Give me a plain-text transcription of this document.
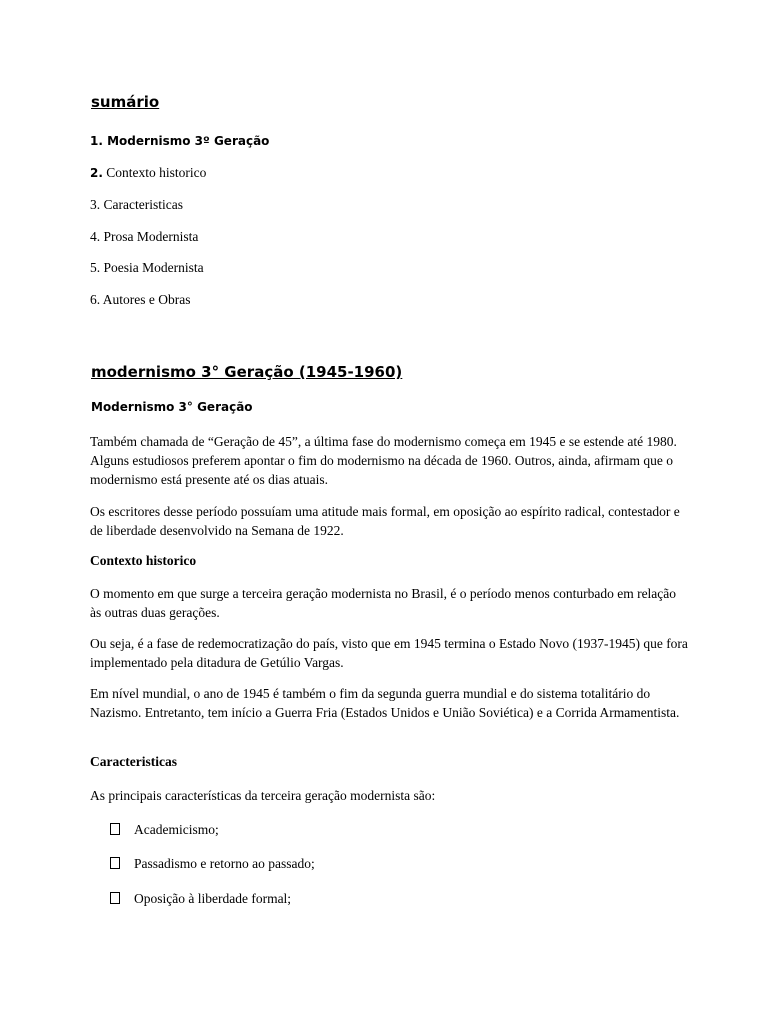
sumário
1. Modernismo 3º Geração
2. Contexto historico
3. Caracteristicas
4. Prosa Modernista
5. Poesia Modernista
6. Autores e Obras
modernismo 3° Geração (1945-1960)
Modernismo 3° Geração
Também chamada de “Geração de 45”, a última fase do modernismo começa em 1945 e se estende até 1980. Alguns estudiosos preferem apontar o fim do modernismo na década de 1960. Outros, ainda, afirmam que o modernismo está presente até os dias atuais.
Os escritores desse período possuíam uma atitude mais formal, em oposição ao espírito radical, contestador e de liberdade desenvolvido na Semana de 1922.
Contexto historico
O momento em que surge a terceira geração modernista no Brasil, é o período menos conturbado em relação às outras duas gerações.
Ou seja, é a fase de redemocratização do país, visto que em 1945 termina o Estado Novo (1937-1945) que fora implementado pela ditadura de Getúlio Vargas.
Em nível mundial, o ano de 1945 é também o fim da segunda guerra mundial e do sistema totalitário do Nazismo. Entretanto, tem início a Guerra Fria (Estados Unidos e União Soviética) e a Corrida Armamentista.
Caracteristicas
As principais características da terceira geração modernista são:
Academicismo;
Passadismo e retorno ao passado;
Oposição à liberdade formal;
